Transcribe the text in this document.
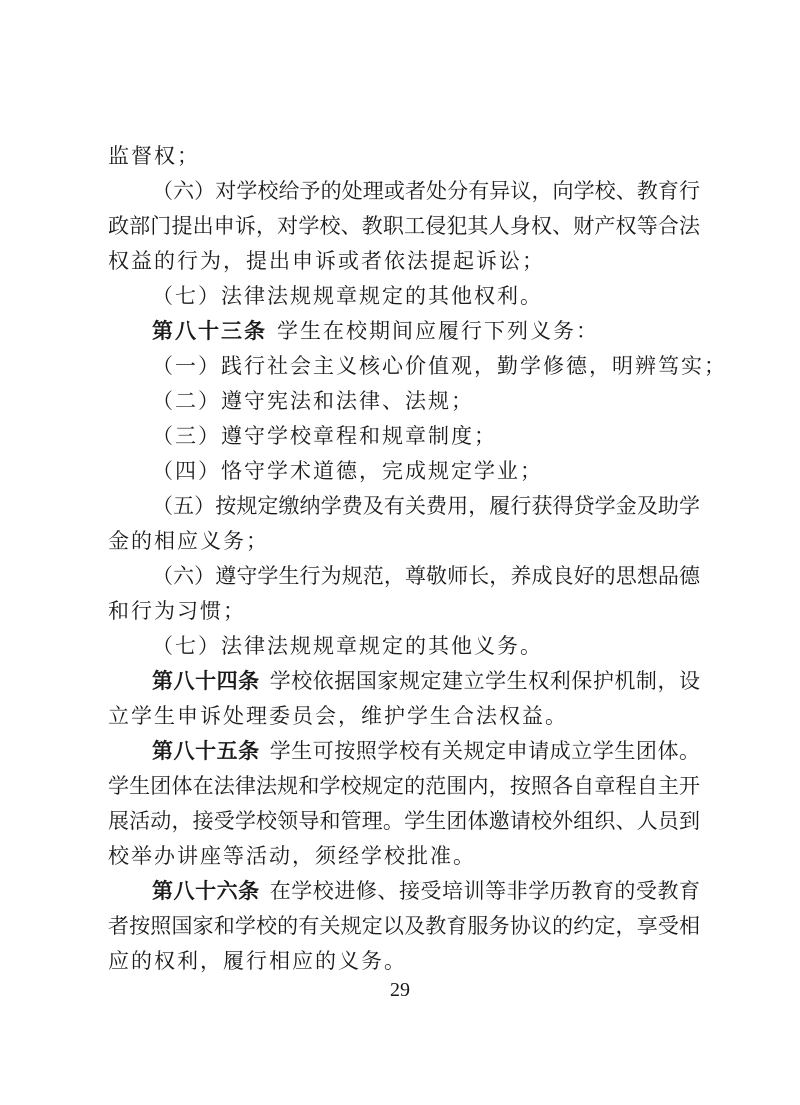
监督权；
（六）对学校给予的处理或者处分有异议，向学校、教育行
政部门提出申诉，对学校、教职工侵犯其人身权、财产权等合法
权益的行为，提出申诉或者依法提起诉讼；
（七）法律法规规章规定的其他权利。
第八十三条 学生在校期间应履行下列义务：
（一）践行社会主义核心价值观，勤学修德，明辨笃实；
（二）遵守宪法和法律、法规；
（三）遵守学校章程和规章制度；
（四）恪守学术道德，完成规定学业；
（五）按规定缴纳学费及有关费用，履行获得贷学金及助学
金的相应义务；
（六）遵守学生行为规范，尊敬师长，养成良好的思想品德
和行为习惯；
（七）法律法规规章规定的其他义务。
第八十四条 学校依据国家规定建立学生权利保护机制，设
立学生申诉处理委员会，维护学生合法权益。
第八十五条 学生可按照学校有关规定申请成立学生团体。
学生团体在法律法规和学校规定的范围内，按照各自章程自主开
展活动，接受学校领导和管理。学生团体邀请校外组织、人员到
校举办讲座等活动，须经学校批准。
第八十六条 在学校进修、接受培训等非学历教育的受教育
者按照国家和学校的有关规定以及教育服务协议的约定，享受相
应的权利，履行相应的义务。
29
